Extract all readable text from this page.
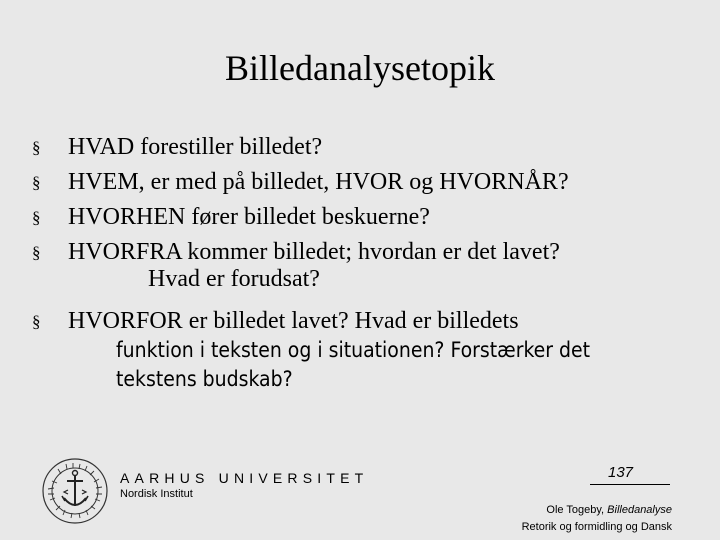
Billedanalysetopik
§ HVAD forestiller billedet?
§ HVEM, er med på billedet, HVOR og HVORNÅR?
§ HVORHEN fører billedet beskuerne?
§ HVORFRA kommer billedet; hvordan er det lavet?
Hvad er forudsat?
§ HVORFOR er billedet lavet? Hvad er billedets
funktion i teksten og i situationen? Forstærker det
tekstens budskab?
AARHUS UNIVERSITET
Nordisk Institut
137
Ole Togeby, Billedanalyse
Retorik og formidling og Dansk
